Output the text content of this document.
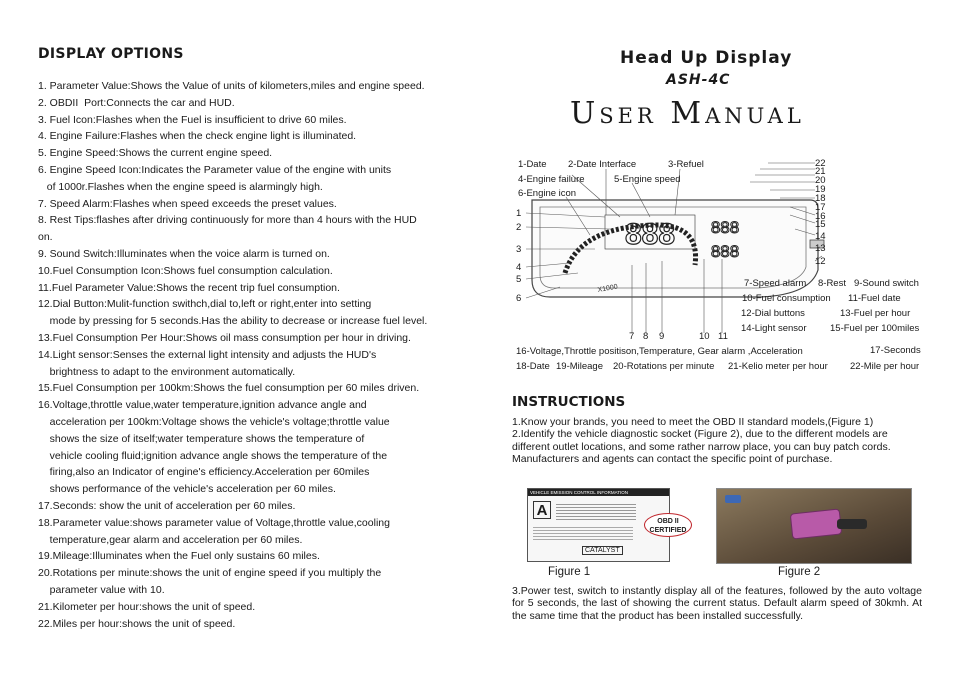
DISPLAY OPTIONS
1. Parameter Value:Shows the Value of units of kilometers,miles and engine speed.
2. OBDII  Port:Connects the car and HUD.
3. Fuel Icon:Flashes when the Fuel is insufficient to drive 60 miles.
4. Engine Failure:Flashes when the check engine light is illuminated.
5. Engine Speed:Shows the current engine speed.
6. Engine Speed Icon:Indicates the Parameter value of the engine with units
of 1000r.Flashes when the engine speed is alarmingly high.
7. Speed Alarm:Flashes when speed exceeds the preset values.
8. Rest Tips:flashes after driving continuously for more than 4 hours with the HUD
on.
9. Sound Switch:Illuminates when the voice alarm is turned on.
10.Fuel Consumption Icon:Shows fuel consumption calculation.
11.Fuel Parameter Value:Shows the recent trip fuel consumption.
12.Dial Button:Mulit-function swithch,dial to,left or right,enter into setting
mode by pressing for 5 seconds.Has the ability to decrease or increase fuel level.
13.Fuel Consumption Per Hour:Shows oil mass consumption per hour in driving.
14.Light sensor:Senses the external light intensity and adjusts the HUD's
brightness to adapt to the environment automatically.
15.Fuel Consumption per 100km:Shows the fuel consumption per 60 miles driven.
16.Voltage,throttle value,water temperature,ignition advance angle and
acceleration per 100km:Voltage shows the vehicle's voltage;throttle value
shows the size of itself;water temperature shows the temperature of
vehicle cooling fluid;ignition advance angle shows the temperature of the
firing,also an Indicator of engine's efficiency.Acceleration per 60miles
shows performance of the vehicle's acceleration per 60 miles.
17.Seconds: show the unit of acceleration per 60 miles.
18.Parameter value:shows parameter value of Voltage,throttle value,cooling
temperature,gear alarm and acceleration per 60 miles.
19.Mileage:Illuminates when the Fuel only sustains 60 miles.
20.Rotations per minute:shows the unit of engine speed if you multiply the
parameter value with 10.
21.Kilometer per hour:shows the unit of speed.
22.Miles per hour:shows the unit of speed.
Head Up Display
ASH-4C
User Manual
888 888
888
X1000
1-Date 2-Date Interface	3-Refuel
4-Engine failure	5-Engine speed
6-Engine icon
1
2
3
4
5
6
22
21
20
19
18
17
16
15
14
13
12
7 8 9	10 11
7-Speed alarm 8-Rest 9-Sound switch
10-Fuel consumption 11-Fuel date
12-Dial buttons	13-Fuel per hour
14-Light sensor 15-Fuel per 100miles
16-Voltage,Throttle positison,Temperature, Gear alarm ,Acceleration	17-Seconds
18-Date 19-Mileage 20-Rotations per minute 21-Kelio meter per hour 22-Mile per hour
INSTRUCTIONS
1.Know your brands, you need to meet the OBD II standard models,(Figure 1)
2.Identify the vehicle diagnostic socket (Figure 2), due to the different models are different outlet locations, and some rather narrow place, you can buy patch cords.
Manufacturers and agents can contact the specific point of purchase.
VEHICLE EMISSION CONTROL INFORMATION
A
CATALYST
OBD II
CERTIFIED
Figure 1	Figure 2
3.Power test, switch to instantly display all of the features, followed by the auto voltage for 5 seconds, the last of showing the current status. Default alarm speed of 30kmh. At the same time that the product has been installed successfully.
